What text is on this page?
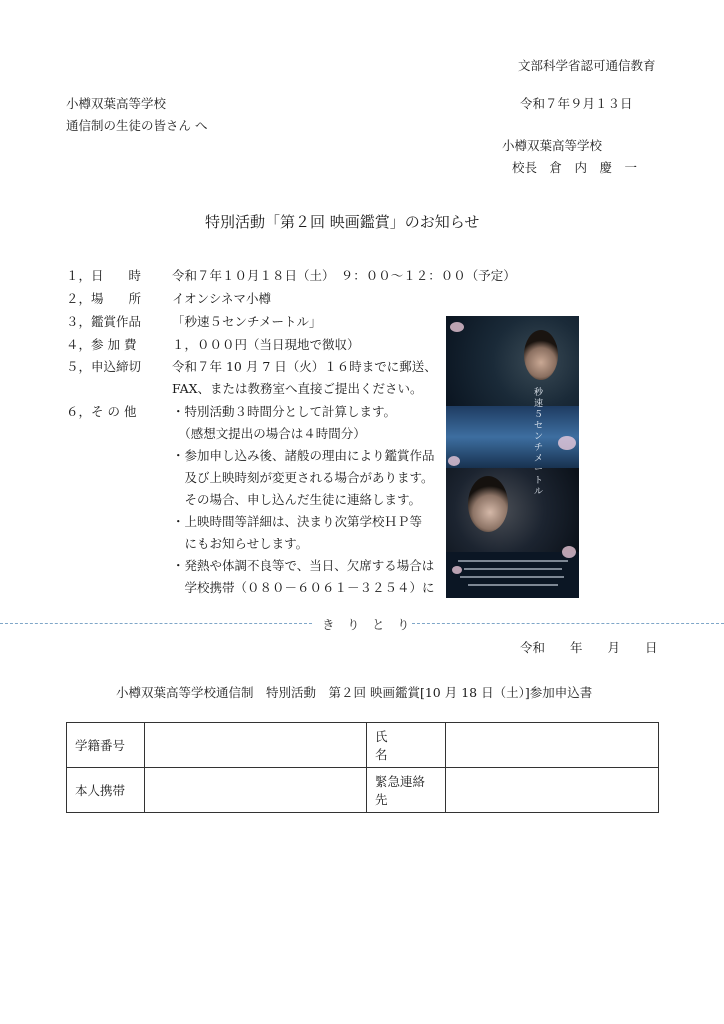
文部科学省認可通信教育
小樽双葉高等学校
通信制の生徒の皆さん へ
令和７年９月１３日
小樽双葉高等学校
校長　倉　内　慶　一
特別活動「第２回 映画鑑賞」のお知らせ
１，日　　時	令和７年１０月１８日（土）　９：００～１２：００（予定）
２，場　　所	イオンシネマ小樽
３，鑑賞作品	「秒速５センチメートル」
４，参 加 費	１，０００円（当日現地で徴収）
５，申込締切	令和７年 10 月 7 日（火）１６時までに郵送、
FAX、または教務室へ直接ご提出ください。
６，そ の 他	・特別活動３時間分として計算します。
　（感想文提出の場合は４時間分）
・参加申し込み後、諸般の理由により鑑賞作品
　及び上映時刻が変更される場合があります。
　その場合、申し込んだ生徒に連絡します。
・上映時間等詳細は、決まり次第学校ＨＰ等
　にもお知らせします。
・発熱や体調不良等で、当日、欠席する場合は
　学校携帯（０８０－６０６１－３２５４）に
秒速５センチメートル
き　り　と　り
令和　　年　　月　　日
小樽双葉高等学校通信制　特別活動　第２回 映画鑑賞[10 月 18 日（土）]参加申込書
学籍番号		氏　　　名	
本人携帯		緊急連絡先	
